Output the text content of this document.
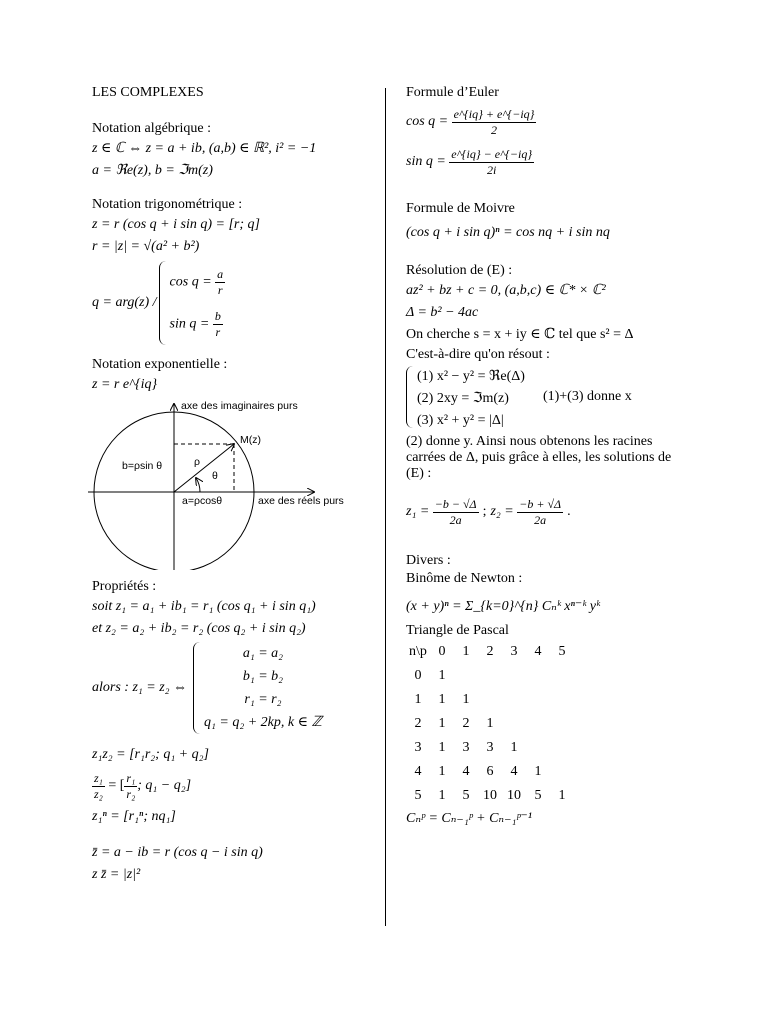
LES COMPLEXES
Notation algébrique :
z ∈ ℂ ⇔ z = a + ib, (a,b) ∈ ℝ², i² = −1
a = ℜe(z), b = ℑm(z)
Notation trigonométrique :
z = r (cos q + i sin q) = [r; q]
r = |z| = √(a² + b²)
q = arg(z) /
$\cos q = \frac{a}{r}$
$\sin q = \frac{b}{r}$
Notation exponentielle :
z = r e^{iq}
axe des imaginaires purs
M(z)
ρ
θ
b=ρsin θ
a=ρcosθ	axe des réels purs
Propriétés :
soit z₁ = a₁ + ib₁ = r₁ (cos q₁ + i sin q₁)
et z₂ = a₂ + ib₂ = r₂ (cos q₂ + i sin q₂)
alors : z₁ = z₂ ⇔
a₁ = a₂
b₁ = b₂
r₁ = r₂
q₁ = q₂ + 2kp, k ∈ ℤ
z₁z₂ = [r₁r₂; q₁ + q₂]
$\frac{\text{z₁}}{\text{z₂}}$ = [ $\frac{\text{r₁}}{\text{r₂}}$ ; q₁ − q₂]
z₁ⁿ = [r₁ⁿ; nq₁]
z̄ = a − ib = r (cos q − i sin q)
z z̄ = |z|²
Formule d’Euler
cos q =
$\frac{e\^{}\{iq\} + e\^{}\{-iq\}}{2}$
sin q =
$\frac{e\^{}\{iq\} - e\^{}\{-iq\}}{2i}$
Formule de Moivre
(cos q + i sin q)ⁿ = cos nq + i sin nq
Résolution de (E) :
az² + bz + c = 0, (a,b,c) ∈ ℂ* × ℂ²
Δ = b² − 4ac
On cherche s = x + iy ∈ ℂ tel que s² = Δ
C'est-à-dire qu'on résout :
(1) x² − y² = ℜe(Δ)
(2) 2xy = ℑm(z)
(3) x² + y² = |Δ|
(1)+(3) donne x
(2) donne y. Ainsi nous obtenons les racines carrées de Δ, puis grâce à elles, les solutions de (E) :
z₁ =
$\frac{-b - √\Delta}{2a}$ ; z₂ =
$\frac{-b + √\Delta}{2a}$ .
Divers :
Binôme de Newton :
(x + y)ⁿ = Σ_{k=0}^{n} Cₙᵏ xⁿ⁻ᵏ yᵏ
Triangle de Pascal
n\p	0	1	2	3	4	5
0	1					
1	1	1				
2	1	2	1			
3	1	3	3	1		
4	1	4	6	4	1	
5	1	5	10	10	5	1
Cₙᵖ = Cₙ₋₁ᵖ + Cₙ₋₁ᵖ⁻¹
